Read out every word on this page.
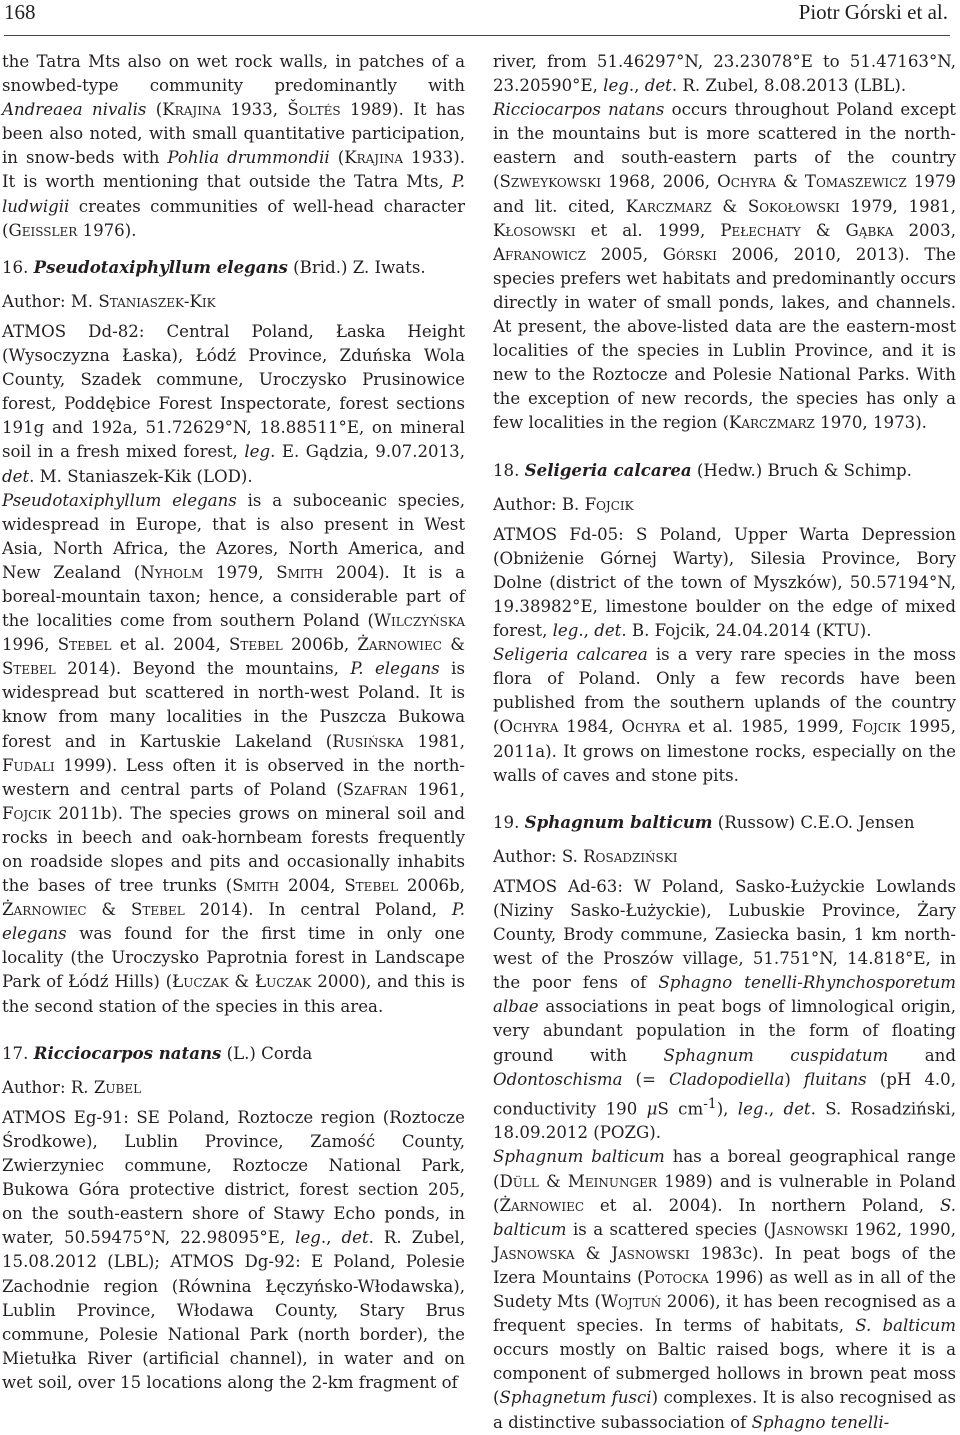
168	Piotr Górski et al.

the Tatra Mts also on wet rock walls, in patches of a snowbed-type community predominantly with Andreaea nivalis (Krajina 1933, Šoltés 1989). It has been also noted, with small quantitative participation, in snow-beds with Pohlia drummondii (Krajina 1933). It is worth mentioning that outside the Tatra Mts, P. ludwigii creates communities of well-head character (Geissler 1976).

16. Pseudotaxiphyllum elegans (Brid.) Z. Iwats.

Author: M. Staniaszek-Kik

ATMOS Dd-82: Central Poland, Łaska Height (Wysoczyzna Łaska), Łódź Province, Zduńska Wola County, Szadek commune, Uroczysko Prusinowice forest, Poddębice Forest Inspectorate, forest sections 191g and 192a, 51.72629°N, 18.88511°E, on mineral soil in a fresh mixed forest, leg. E. Gądzia, 9.07.2013, det. M. Staniaszek-Kik (LOD).

Pseudotaxiphyllum elegans is a suboceanic species, widespread in Europe, that is also present in West Asia, North Africa, the Azores, North America, and New Zealand (Nyholm 1979, Smith 2004). It is a boreal-mountain taxon; hence, a considerable part of the localities come from southern Poland (Wilczyńska 1996, Stebel et al. 2004, Stebel 2006b, Żarnowiec & Stebel 2014). Beyond the mountains, P. elegans is widespread but scattered in north-west Poland. It is know from many localities in the Puszcza Bukowa forest and in Kartuskie Lakeland (Rusińska 1981, Fudali 1999). Less often it is observed in the north-western and central parts of Poland (Szafran 1961, Fojcik 2011b). The species grows on mineral soil and rocks in beech and oak-hornbeam forests frequently on roadside slopes and pits and occasionally inhabits the bases of tree trunks (Smith 2004, Stebel 2006b, Żarnowiec & Stebel 2014). In central Poland, P. elegans was found for the first time in only one locality (the Uroczysko Paprotnia forest in Landscape Park of Łódź Hills) (Łuczak & Łuczak 2000), and this is the second station of the species in this area.

17. Ricciocarpos natans (L.) Corda

Author: R. Zubel

ATMOS Eg-91: SE Poland, Roztocze region (Roztocze Środkowe), Lublin Province, Zamość County, Zwierzyniec commune, Roztocze National Park, Bukowa Góra protective district, forest section 205, on the south-eastern shore of Stawy Echo ponds, in water, 50.59475°N, 22.98095°E, leg., det. R. Zubel, 15.08.2012 (LBL); ATMOS Dg-92: E Poland, Polesie Zachodnie region (Równina Łęczyńsko-Włodawska), Lublin Province, Włodawa County, Stary Brus commune, Polesie National Park (north border), the Mietułka River (artificial channel), in water and on wet soil, over 15 locations along the 2-km fragment of

river, from 51.46297°N, 23.23078°E to 51.47163°N, 23.20590°E, leg., det. R. Zubel, 8.08.2013 (LBL).

Ricciocarpos natans occurs throughout Poland except in the mountains but is more scattered in the north-eastern and south-eastern parts of the country (Szweykowski 1968, 2006, Ochyra & Tomaszewicz 1979 and lit. cited, Karczmarz & Sokołowski 1979, 1981, Kłosowski et al. 1999, Pełechaty & Gąbka 2003, Afranowicz 2005, Górski 2006, 2010, 2013). The species prefers wet habitats and predominantly occurs directly in water of small ponds, lakes, and channels. At present, the above-listed data are the eastern-most localities of the species in Lublin Province, and it is new to the Roztocze and Polesie National Parks. With the exception of new records, the species has only a few localities in the region (Karczmarz 1970, 1973).

18. Seligeria calcarea (Hedw.) Bruch & Schimp.

Author: B. Fojcik

ATMOS Fd-05: S Poland, Upper Warta Depression (Obniżenie Górnej Warty), Silesia Province, Bory Dolne (district of the town of Myszków), 50.57194°N, 19.38982°E, limestone boulder on the edge of mixed forest, leg., det. B. Fojcik, 24.04.2014 (KTU).

Seligeria calcarea is a very rare species in the moss flora of Poland. Only a few records have been published from the southern uplands of the country (Ochyra 1984, Ochyra et al. 1985, 1999, Fojcik 1995, 2011a). It grows on limestone rocks, especially on the walls of caves and stone pits.

19. Sphagnum balticum (Russow) C.E.O. Jensen

Author: S. Rosadziński

ATMOS Ad-63: W Poland, Sasko-Łużyckie Lowlands (Niziny Sasko-Łużyckie), Lubuskie Province, Żary County, Brody commune, Zasiecka basin, 1 km north-west of the Proszów village, 51.751°N, 14.818°E, in the poor fens of Sphagno tenelli-Rhynchosporetum albae associations in peat bogs of limnological origin, very abundant population in the form of floating ground with Sphagnum cuspidatum and Odontoschisma (= Cladopodiella) fluitans (pH 4.0, conductivity 190 μS $cm^{-1}$), leg., det. S. Rosadziński, 18.09.2012 (POZG).

Sphagnum balticum has a boreal geographical range (Düll & Meinunger 1989) and is vulnerable in Poland (Żarnowiec et al. 2004). In northern Poland, S. balticum is a scattered species (Jasnowski 1962, 1990, Jasnowska & Jasnowski 1983c). In peat bogs of the Izera Mountains (Potocka 1996) as well as in all of the Sudety Mts (Wojtuń 2006), it has been recognised as a frequent species. In terms of habitats, S. balticum occurs mostly on Baltic raised bogs, where it is a component of submerged hollows in brown peat moss (Sphagnetum fusci) complexes. It is also recognised as a distinctive subassociation of Sphagno tenelli-
